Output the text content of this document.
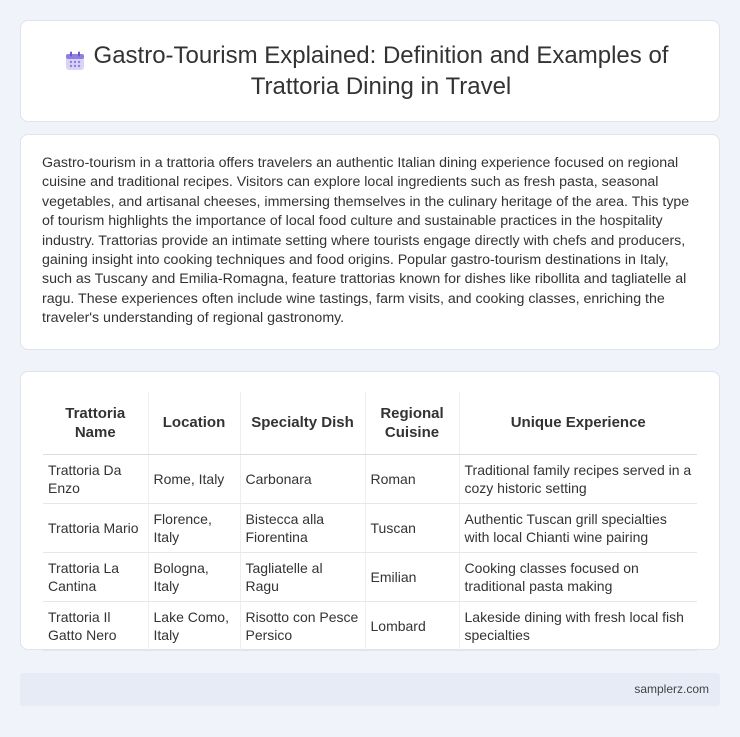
Gastro-Tourism Explained: Definition and Examples of Trattoria Dining in Travel

Gastro-tourism in a trattoria offers travelers an authentic Italian dining experience focused on regional cuisine and traditional recipes. Visitors can explore local ingredients such as fresh pasta, seasonal vegetables, and artisanal cheeses, immersing themselves in the culinary heritage of the area. This type of tourism highlights the importance of local food culture and sustainable practices in the hospitality industry. Trattorias provide an intimate setting where tourists engage directly with chefs and producers, gaining insight into cooking techniques and food origins. Popular gastro-tourism destinations in Italy, such as Tuscany and Emilia-Romagna, feature trattorias known for dishes like ribollita and tagliatelle al ragu. These experiences often include wine tastings, farm visits, and cooking classes, enriching the traveler's understanding of regional gastronomy.

Trattoria Name	Location	Specialty Dish	Regional Cuisine	Unique Experience
Trattoria Da Enzo	Rome, Italy	Carbonara	Roman	Traditional family recipes served in a cozy historic setting
Trattoria Mario	Florence, Italy	Bistecca alla Fiorentina	Tuscan	Authentic Tuscan grill specialties with local Chianti wine pairing
Trattoria La Cantina	Bologna, Italy	Tagliatelle al Ragu	Emilian	Cooking classes focused on traditional pasta making
Trattoria Il Gatto Nero	Lake Como, Italy	Risotto con Pesce Persico	Lombard	Lakeside dining with fresh local fish specialties
samplerz.com
